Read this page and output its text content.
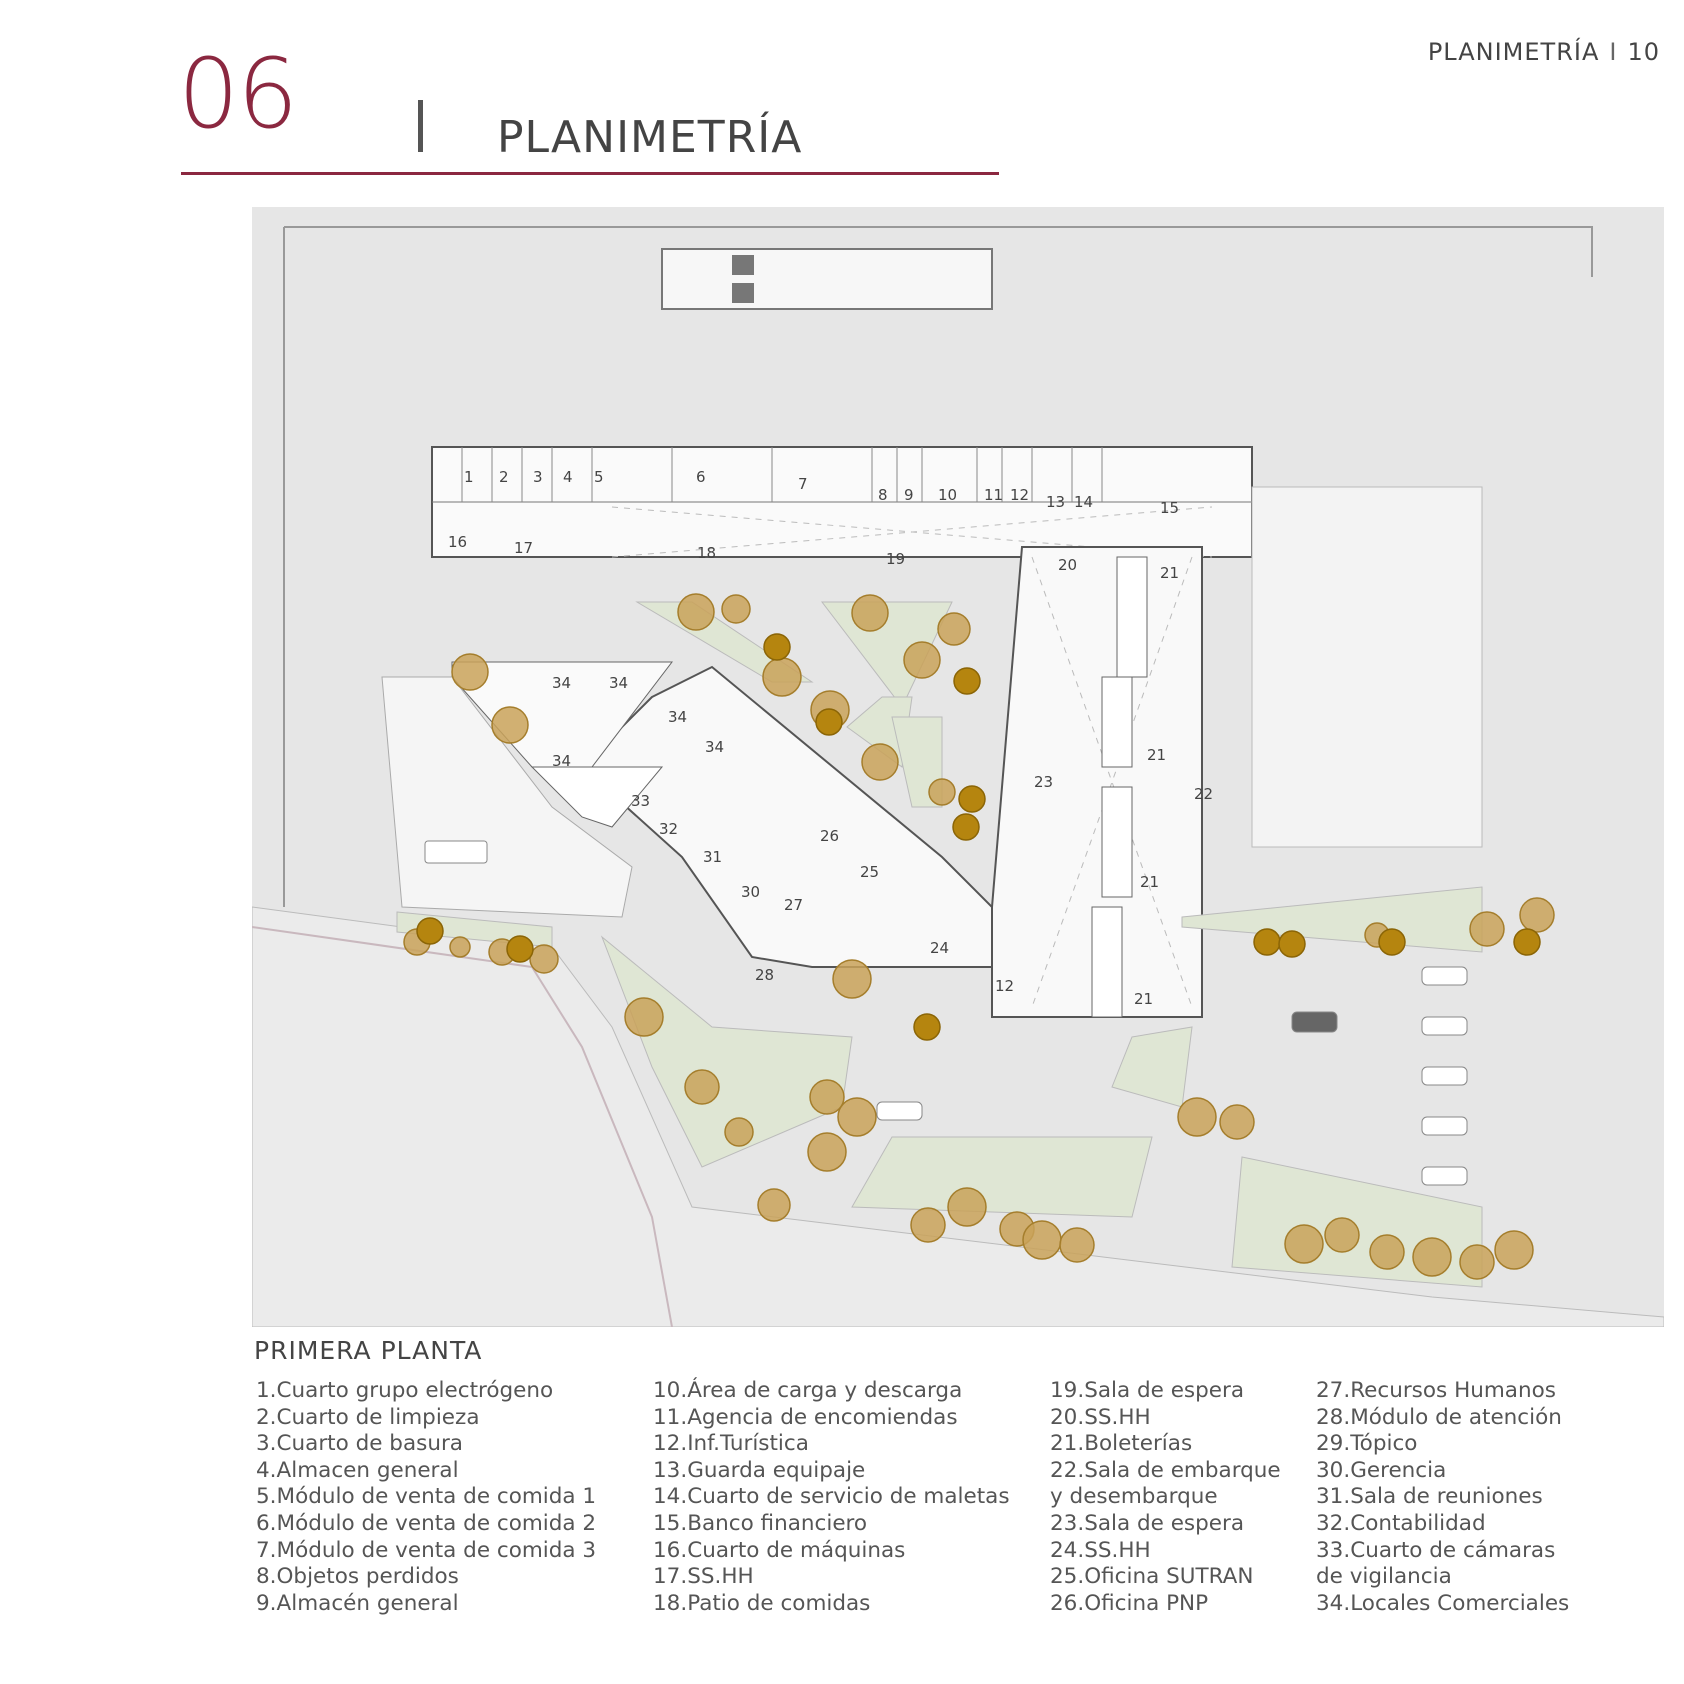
PLANIMETRÍA I 10
06	PLANIMETRÍA
1 2 3 4 5	6	7
8 9 10 11 12 13 14	15
16	17	18	19	20	21
21
21
21
22
23
24
25
26
27
28
30
31
32
33
34	34
34
34
34
12
PRIMERA PLANTA
1.Cuarto grupo electrógeno
2.Cuarto de limpieza
3.Cuarto de basura
4.Almacen general
5.Módulo de venta de comida 1
6.Módulo de venta de comida 2
7.Módulo de venta de comida 3
8.Objetos perdidos
9.Almacén general
10.Área de carga y descarga
11.Agencia de encomiendas
12.Inf.Turística
13.Guarda equipaje
14.Cuarto de servicio de maletas
15.Banco financiero
16.Cuarto de máquinas
17.SS.HH
18.Patio de comidas
19.Sala de espera
20.SS.HH
21.Boleterías
22.Sala de embarque
y desembarque
23.Sala de espera
24.SS.HH
25.Oficina SUTRAN
26.Oficina PNP
27.Recursos Humanos
28.Módulo de atención
29.Tópico
30.Gerencia
31.Sala de reuniones
32.Contabilidad
33.Cuarto de cámaras
de vigilancia
34.Locales Comerciales
